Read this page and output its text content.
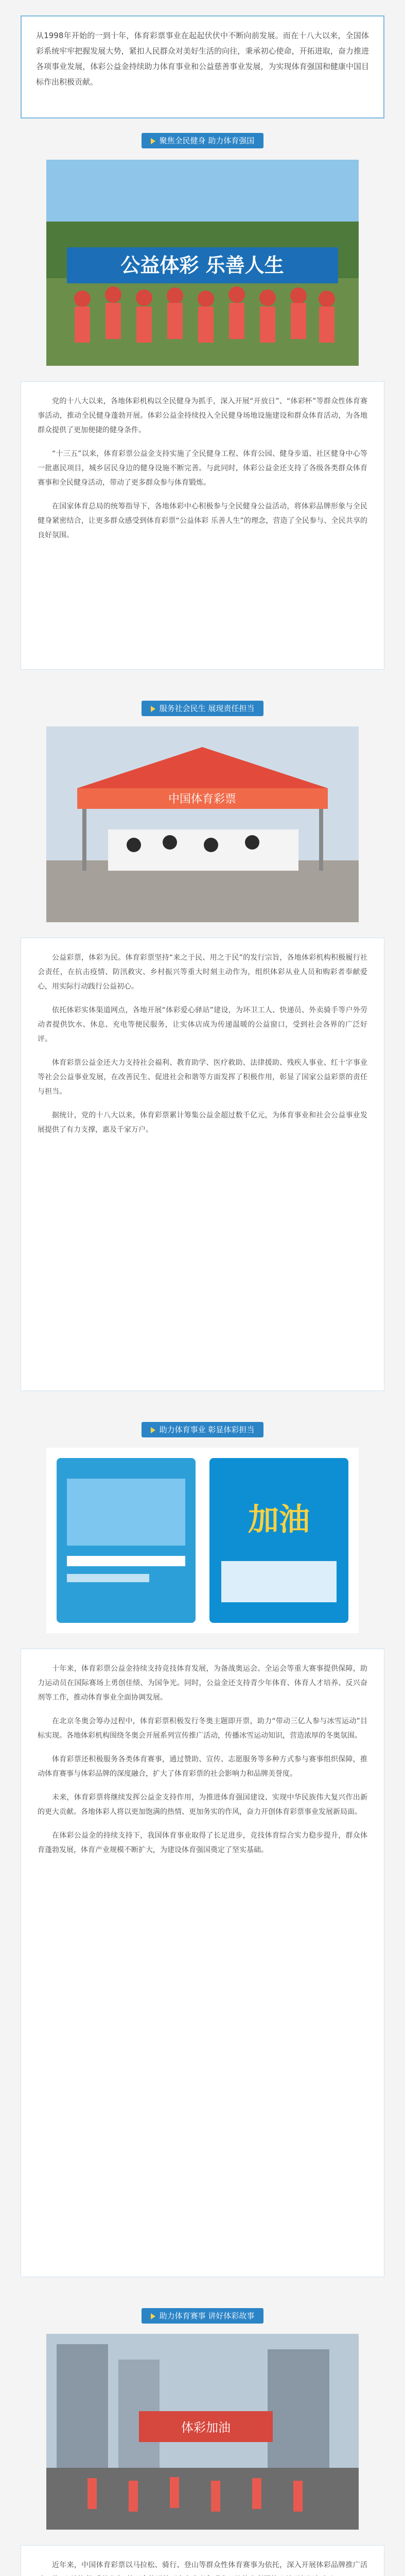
从1998年开始的一到十年，体育彩票事业在起起伏伏中不断向前发展。而在十八大以来，全国体彩系统牢牢把握发展大势，紧扣人民群众对美好生活的向往，秉承初心使命，开拓进取，奋力推进各项事业发展，体彩公益金持续助力体育事业和公益慈善事业发展，为实现体育强国和健康中国目标作出积极贡献。

聚焦全民健身 助力体育强国
公益体彩 乐善人生

党的十八大以来，各地体彩机构以全民健身为抓手，深入开展“开放日”、“体彩杯”等群众性体育赛事活动，推动全民健身蓬勃开展。体彩公益金持续投入全民健身场地设施建设和群众体育活动，为各地群众提供了更加便捷的健身条件。

“十三五”以来，体育彩票公益金支持实施了全民健身工程、体育公园、健身步道、社区健身中心等一批惠民项目，城乡居民身边的健身设施不断完善。与此同时，体彩公益金还支持了各级各类群众体育赛事和全民健身活动，带动了更多群众参与体育锻炼。

在国家体育总局的统筹指导下，各地体彩中心积极参与全民健身公益活动，将体彩品牌形象与全民健身紧密结合，让更多群众感受到体育彩票“公益体彩 乐善人生”的理念，营造了全民参与、全民共享的良好氛围。

服务社会民生 展现责任担当
中国体育彩票

公益彩票，体彩为民。体育彩票坚持“来之于民、用之于民”的发行宗旨，各地体彩机构积极履行社会责任，在抗击疫情、防汛救灾、乡村振兴等重大时刻主动作为，组织体彩从业人员和购彩者奉献爱心，用实际行动践行公益初心。

依托体彩实体渠道网点，各地开展“体彩爱心驿站”建设，为环卫工人、快递员、外卖骑手等户外劳动者提供饮水、休息、充电等便民服务，让实体店成为传递温暖的公益窗口，受到社会各界的广泛好评。

体育彩票公益金还大力支持社会福利、教育助学、医疗救助、法律援助、残疾人事业、红十字事业等社会公益事业发展，在改善民生、促进社会和谐等方面发挥了积极作用，彰显了国家公益彩票的责任与担当。

据统计，党的十八大以来，体育彩票累计筹集公益金超过数千亿元，为体育事业和社会公益事业发展提供了有力支撑，惠及千家万户。

助力体育事业 彰显体彩担当
加油

十年来，体育彩票公益金持续支持竞技体育发展，为备战奥运会、全运会等重大赛事提供保障，助力运动员在国际赛场上勇创佳绩、为国争光。同时，公益金还支持青少年体育、体育人才培养、反兴奋剂等工作，推动体育事业全面协调发展。

在北京冬奥会筹办过程中，体育彩票积极发行冬奥主题即开票，助力“带动三亿人参与冰雪运动”目标实现。各地体彩机构围绕冬奥会开展系列宣传推广活动，传播冰雪运动知识，营造浓厚的冬奥氛围。

体育彩票还积极服务各类体育赛事，通过赞助、宣传、志愿服务等多种方式参与赛事组织保障，推动体育赛事与体彩品牌的深度融合，扩大了体育彩票的社会影响力和品牌美誉度。

未来，体育彩票将继续发挥公益金支持作用，为推进体育强国建设、实现中华民族伟大复兴作出新的更大贡献。各地体彩人将以更加饱满的热情、更加务实的作风，奋力开创体育彩票事业发展新局面。

在体彩公益金的持续支持下，我国体育事业取得了长足进步，竞技体育综合实力稳步提升，群众体育蓬勃发展，体育产业规模不断扩大，为建设体育强国奠定了坚实基础。

助力体育赛事 讲好体彩故事
体彩加油

近年来，中国体育彩票以马拉松、骑行、登山等群众性体育赛事为依托，深入开展体彩品牌推广活
